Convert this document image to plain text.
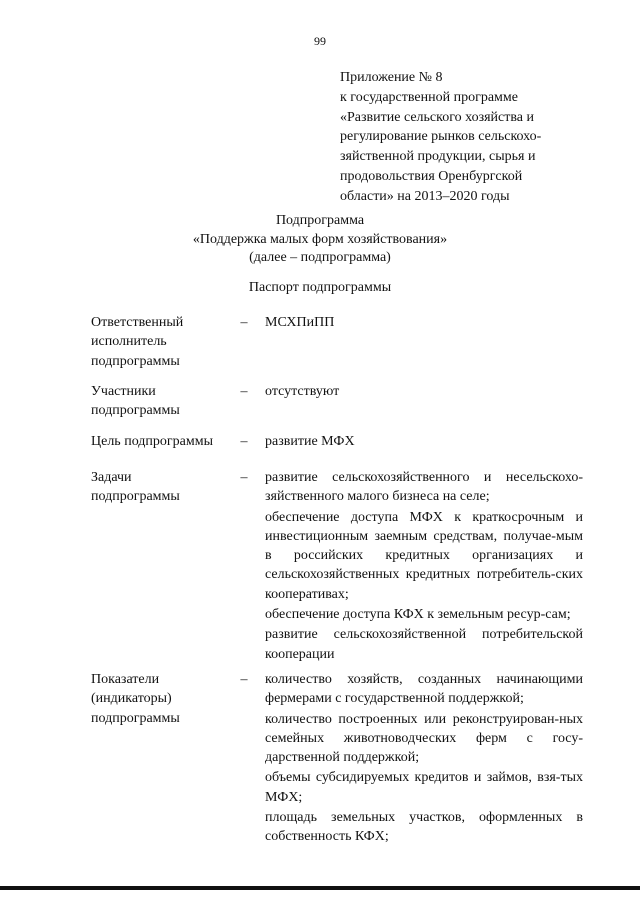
99
Приложение № 8
к государственной программе
«Развитие сельского хозяйства и
регулирование рынков сельскохо-
зяйственной продукции, сырья и
продовольствия Оренбургской
области» на 2013–2020 годы
Подпрограмма
«Поддержка малых форм хозяйствования»
(далее – подпрограмма)
Паспорт подпрограммы
Ответственный
исполнитель
подпрограммы
– МСХПиПП
Участники
подпрограммы
– отсутствуют
Цель подпрограммы	– развитие МФХ
Задачи
подпрограммы
– развитие сельскохозяйственного и несельскохо-зяйственного малого бизнеса на селе;
обеспечение доступа МФХ к краткосрочным и инвестиционным заемным средствам, получае-мым в российских кредитных организациях и сельскохозяйственных кредитных потребитель-ских кооперативах;
обеспечение доступа КФХ к земельным ресур-сам;
развитие сельскохозяйственной потребительской кооперации
Показатели
(индикаторы)
подпрограммы
– количество хозяйств, созданных начинающими фермерами с государственной поддержкой;
количество построенных или реконструирован-ных семейных животноводческих ферм с госу-дарственной поддержкой;
объемы субсидируемых кредитов и займов, взя-тых МФХ;
площадь земельных участков, оформленных в собственность КФХ;
